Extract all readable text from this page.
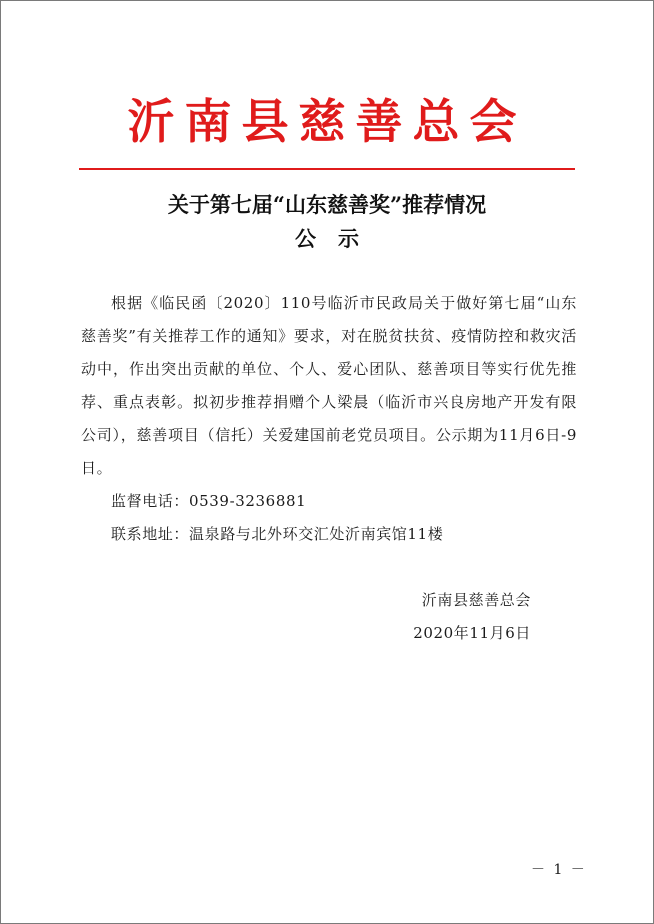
沂南县慈善总会
关于第七届“山东慈善奖”推荐情况
公示

根据《临民函〔2020〕110号临沂市民政局关于做好第七届“山东慈善奖”有关推荐工作的通知》要求，对在脱贫扶贫、疫情防控和救灾活动中，作出突出贡献的单位、个人、爱心团队、慈善项目等实行优先推荐、重点表彰。拟初步推荐捐赠个人梁晨（临沂市兴良房地产开发有限公司），慈善项目（信托）关爱建国前老党员项目。公示期为11月6日-9日。

监督电话：0539-3236881

联系地址：温泉路与北外环交汇处沂南宾馆11楼

沂南县慈善总会
2020年11月6日
－ 1 －
